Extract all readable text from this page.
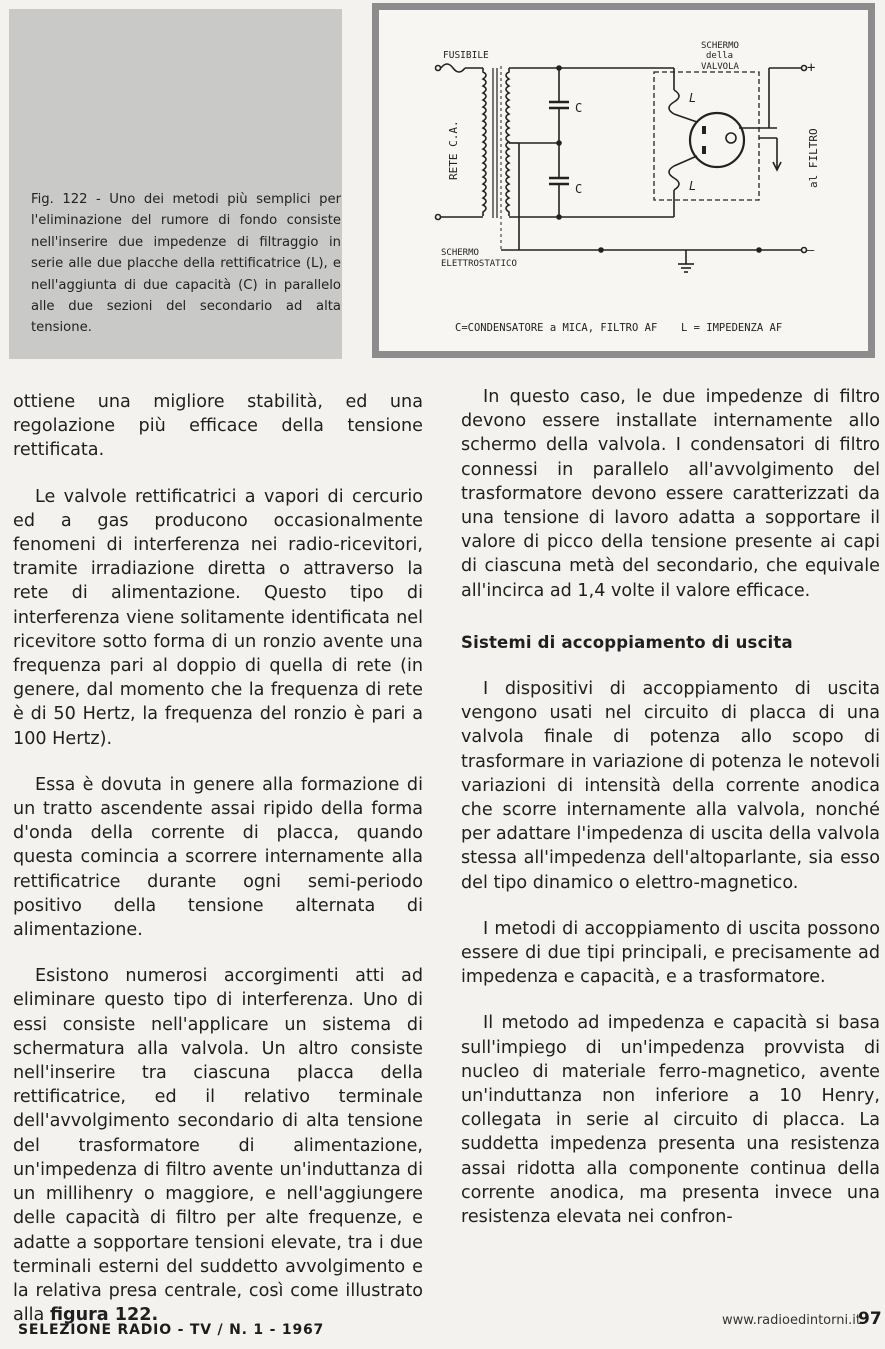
Fig. 122 - Uno dei metodi più semplici per l'eliminazione del rumore di fondo consiste nell'inserire due impedenze di filtraggio in serie alle due placche della rettificatrice (L), e nell'aggiunta di due capacità (C) in parallelo alle due sezioni del secondario ad alta tensione.
FUSIBILE
RETE C.A.
SCHERMO
della
VALVOLA	+
—
al FILTRO
C
C
L
L
SCHERMO
ELETTROSTATICO
C=CONDENSATORE a MICA, FILTRO AF L = IMPEDENZA AF

ottiene una migliore stabilità, ed una regolazione più efficace della tensione rettificata.

Le valvole rettificatrici a vapori di cercurio ed a gas producono occasionalmente fenomeni di interferenza nei radio-ricevitori, tramite irradiazione diretta o attraverso la rete di alimentazione. Questo tipo di interferenza viene solitamente identificata nel ricevitore sotto forma di un ronzio avente una frequenza pari al doppio di quella di rete (in genere, dal momento che la frequenza di rete è di 50 Hertz, la frequenza del ronzio è pari a 100 Hertz).

Essa è dovuta in genere alla formazione di un tratto ascendente assai ripido della forma d'onda della corrente di placca, quando questa comincia a scorrere internamente alla rettificatrice durante ogni semi-periodo positivo della tensione alternata di alimentazione.

Esistono numerosi accorgimenti atti ad eliminare questo tipo di interferenza. Uno di essi consiste nell'applicare un sistema di schermatura alla valvola. Un altro consiste nell'inserire tra ciascuna placca della rettificatrice, ed il relativo terminale dell'avvolgimento secondario di alta tensione del trasformatore di alimentazione, un'impedenza di filtro avente un'induttanza di un millihenry o maggiore, e nell'aggiungere delle capacità di filtro per alte frequenze, e adatte a sopportare tensioni elevate, tra i due terminali esterni del suddetto avvolgimento e la relativa presa centrale, così come illustrato alla figura 122.

In questo caso, le due impedenze di filtro devono essere installate internamente allo schermo della valvola. I condensatori di filtro connessi in parallelo all'avvolgimento del trasformatore devono essere caratterizzati da una tensione di lavoro adatta a sopportare il valore di picco della tensione presente ai capi di ciascuna metà del secondario, che equivale all'incirca ad 1,4 volte il valore efficace.

Sistemi di accoppiamento di uscita

I dispositivi di accoppiamento di uscita vengono usati nel circuito di placca di una valvola finale di potenza allo scopo di trasformare in variazione di potenza le notevoli variazioni di intensità della corrente anodica che scorre internamente alla valvola, nonché per adattare l'impedenza di uscita della valvola stessa all'impedenza dell'altoparlante, sia esso del tipo dinamico o elettro-magnetico.

I metodi di accoppiamento di uscita possono essere di due tipi principali, e precisamente ad impedenza e capacità, e a trasformatore.

Il metodo ad impedenza e capacità si basa sull'impiego di un'impedenza provvista di nucleo di materiale ferro-magnetico, avente un'induttanza non inferiore a 10 Henry, collegata in serie al circuito di placca. La suddetta impedenza presenta una resistenza assai ridotta alla componente continua della corrente anodica, ma presenta invece una resistenza elevata nei confron-

SELEZIONE RADIO - TV / N. 1 - 1967
www.radioedintorni.it
97
